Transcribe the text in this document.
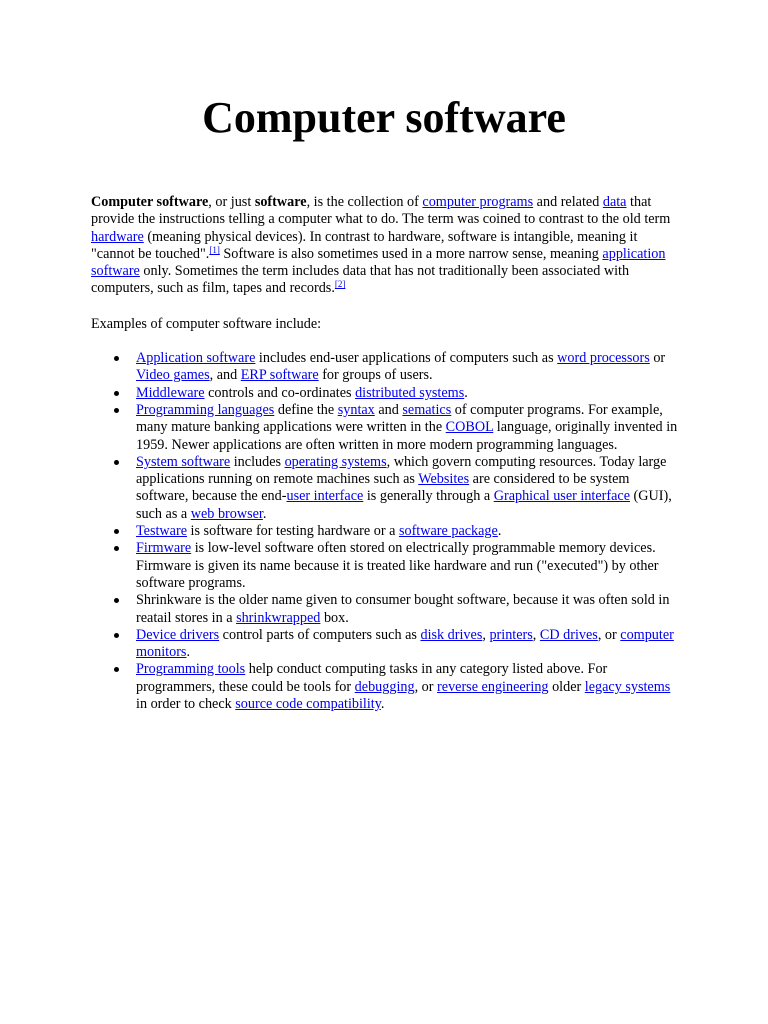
Computer software

Computer software, or just software, is the collection of computer programs and related data that provide the instructions telling a computer what to do. The term was coined to contrast to the old term hardware (meaning physical devices). In contrast to hardware, software is intangible, meaning it "cannot be touched".[1] Software is also sometimes used in a more narrow sense, meaning application software only. Sometimes the term includes data that has not traditionally been associated with computers, such as film, tapes and records.[2]

Examples of computer software include:

Application software includes end-user applications of computers such as word processors or Video games, and ERP software for groups of users.
Middleware controls and co-ordinates distributed systems.
Programming languages define the syntax and sematics of computer programs. For example, many mature banking applications were written in the COBOL language, originally invented in 1959. Newer applications are often written in more modern programming languages.
System software includes operating systems, which govern computing resources. Today large applications running on remote machines such as Websites are considered to be system software, because the end-user interface is generally through a Graphical user interface (GUI), such as a web browser.
Testware is software for testing hardware or a software package.
Firmware is low-level software often stored on electrically programmable memory devices. Firmware is given its name because it is treated like hardware and run ("executed") by other software programs.
Shrinkware is the older name given to consumer bought software, because it was often sold in reatail stores in a shrinkwrapped box.
Device drivers control parts of computers such as disk drives, printers, CD drives, or computer monitors.
Programming tools help conduct computing tasks in any category listed above. For programmers, these could be tools for debugging, or reverse engineering older legacy systems in order to check source code compatibility.
